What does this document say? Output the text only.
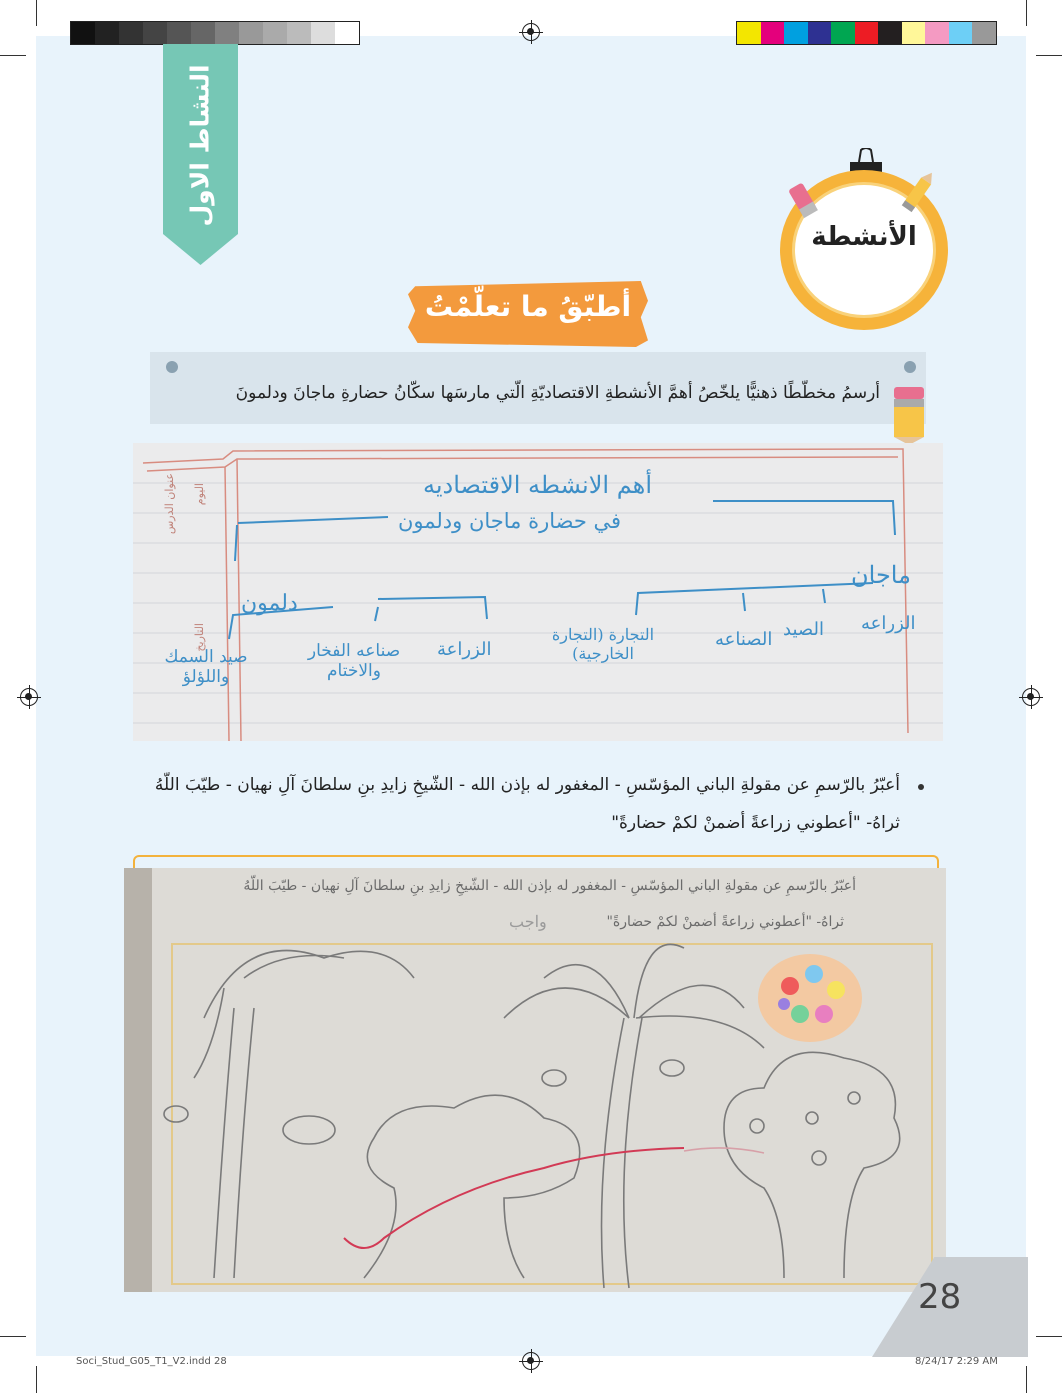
النشاط الاول
الأنشطة
أطبّقُ ما تعلّمْتُ
أرسمُ مخطّطًا ذهنيًّا يلخّصُ أهمَّ الأنشطةِ الاقتصاديّةِ الّتي مارسَها سكّانُ حضارةِ ماجانَ ودلمونَ
أهم الانشطه الاقتصاديه
في حضارة ماجان ودلمون
دلمون
ماجان
الزراعة
صناعه الفخار والاختام
صيد السمك واللؤلؤ
الزراعه
الصيد
الصناعه
التجارة (التجارة الخارجية)
عنوان الدرس اليوم
التاريخ
أعبّرُ بالرّسمِ عن مقولةِ الباني المؤسّسِ - المغفور له بإذن الله - الشّيخِ زايدِ بنِ سلطانَ آلِ نهيان - طيّبَ اللّهُ
ثراهُ- "أعطوني زراعةً أضمنْ لكمْ حضارةً"
أعبّرُ بالرّسمِ عن مقولةِ الباني المؤسّسِ - المغفور له بإذن الله - الشّيخِ زايدِ بنِ سلطانَ آلِ نهيان - طيّبَ اللّهُ
ثراهُ- "أعطوني زراعةً أضمنْ لكمْ حضارةً"
واجب
28
Soci_Stud_G05_T1_V2.indd 28	8/24/17 2:29 AM
